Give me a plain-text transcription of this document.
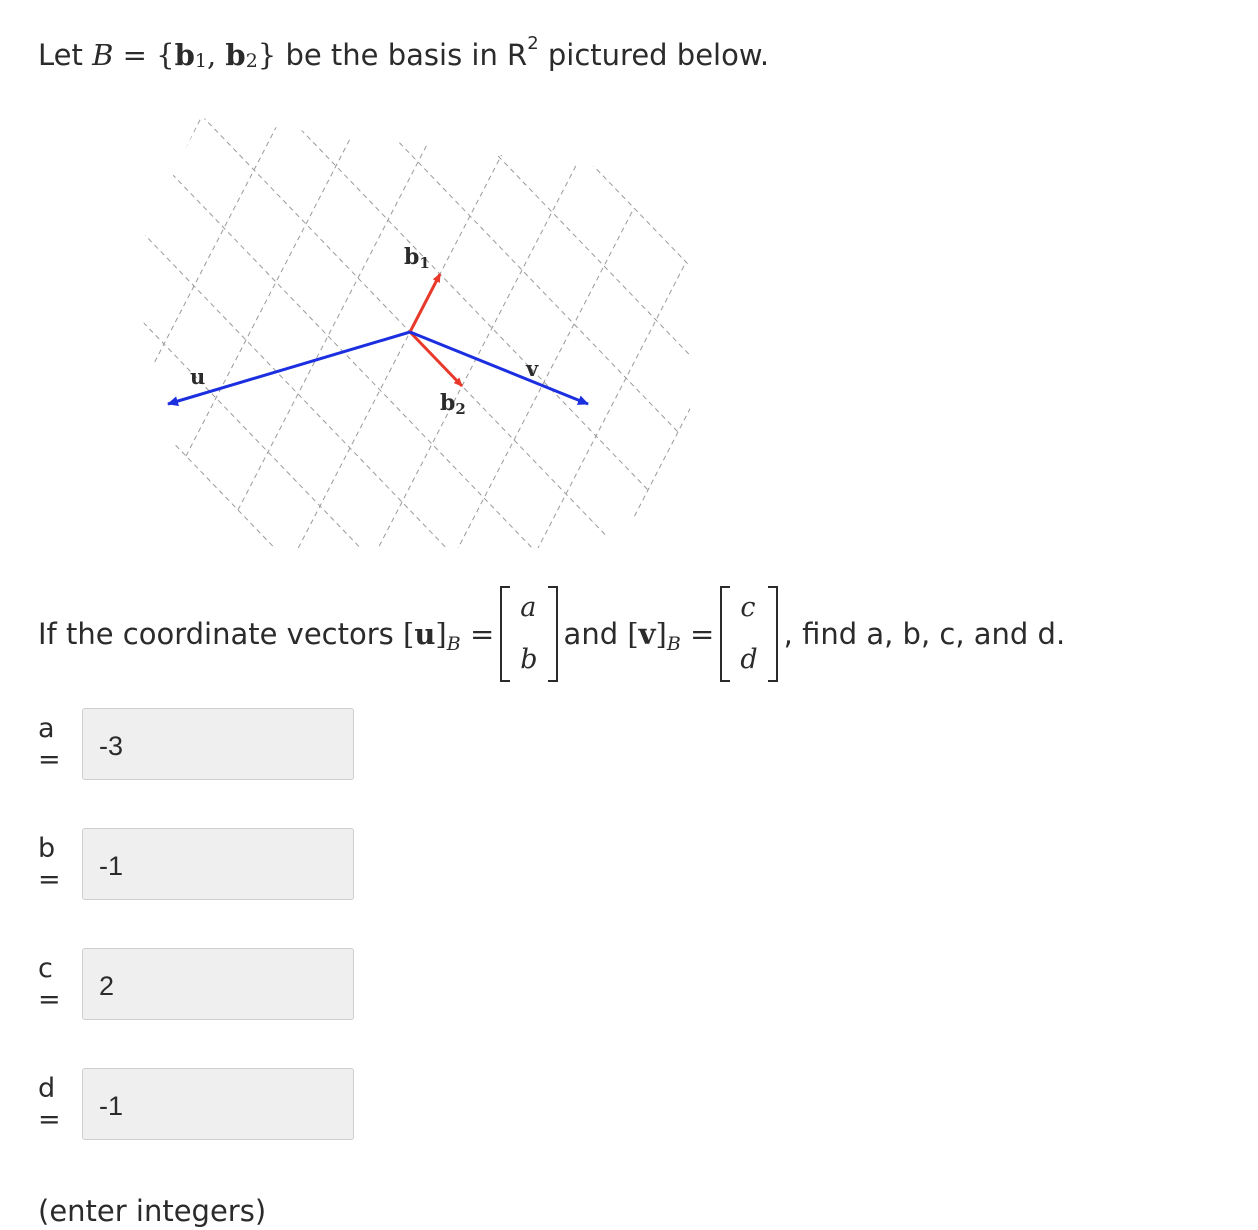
Let
B
=
{ b 1 ,
b 2 }
be the basis in R 2
pictured below.
b1
b2
u	v
If the coordinate vectors
$[u]_B$
=
a
b
and
$[v]_B$
=
c
d
, find a, b, c, and d.
a =	-3
b =	-1
c =	2
d =	-1
(enter integers)
